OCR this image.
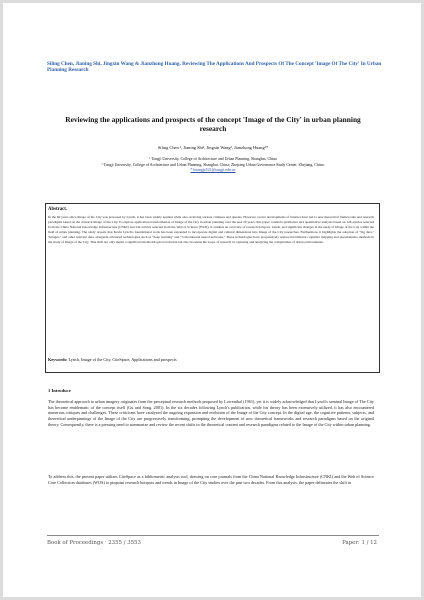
Siling Chen, Jianing Shi, Jingxin Wang & Jianzhong Huang. Reviewing The Applications And Prospects Of The Concept 'Image Of The City' In Urban Planning Research
Reviewing the applications and prospects of the concept 'Image of the City' in urban planning research
Siling Chen ¹, Jianing Shi², Jingxin Wang², Jianzhong Huang²*
¹ Tongji University, College of Architecture and Urban Planning, Shanghai, China
² Tongji University, College of Architecture and Urban Planning, Shanghai, China; Zhejiang Urban Governance Study Center, Zhejiang, China.
* huangjz521@tongji.edu.cn
Abstract.
In the 60 years since Image of the City was proposed by Lynch, it has been widely applied while also receiving various critiques and queries. However, recent developments of internet have led to new theoretical frameworks and research paradigms based on the classical Image of the City. To explore application transformation of Image of the City in urban planning over the past 20 years, this paper conducts qualitative and quantitative analysis based on 126 articles selected from the China National Knowledge Infrastructure (CNKI) and 244 articles selected from the Web of Science (WOS). It outlines an overview of research hotspots, trends, and significant changes in the study of Image of the City within the field of urban planning. The study reveals that Kevin Lynch's foundational work has been expanded to incorporate digital and cultural dimensions into Image of the City researches. Furthermore, it highlights the adoption of "big data," "images," and other relevant data, alongside advanced technologies such as "deep learning" and "convolutional neural networks." These technologies have progressively replaced traditional cognitive mapping and questionnaire methods in the study of Image of the City. This shift not only marks a significant methodological evolution but also broadens the scope of research in capturing and analyzing the complexities of urban environments.
Keywords: Lynch, Image of the City, CiteSpace, Applications and prospects
1 Introduce
The theoretical approach to urban imagery originates from the perceptual research methods proposed by Lowenthal (1961), yet it is widely acknowledged that Lynch's seminal Image of The City has become emblematic of the concept itself (Gu and Song, 2001). In the six decades following Lynch's publication, while his theory has been extensively utilized, it has also encountered numerous critiques and challenges. These criticisms have catalyzed the ongoing expansion and evolution of the Image of the City concept. In the digital age, the cognitive patterns, subjects, and theoretical underpinnings of the Image of the City are progressively transforming, prompting the development of new theoretical frameworks and research paradigms based on the original theory. Consequently, there is a pressing need to summarize and review the recent shifts in the theoretical content and research paradigms related to the Image of the City within urban planning.
To address this, the present paper utilizes CiteSpace as a bibliometric analysis tool, drawing on core journals from the China National Knowledge Infrastructure (CNKI) and the Web of Science Core Collection databases (WOS) to pinpoint research hotspots and trends in Image of the City studies over the past two decades. From this analysis, the paper delineates the shift in
Book of Proceedings · 2355 / 3553	Paper: 1 / 12
